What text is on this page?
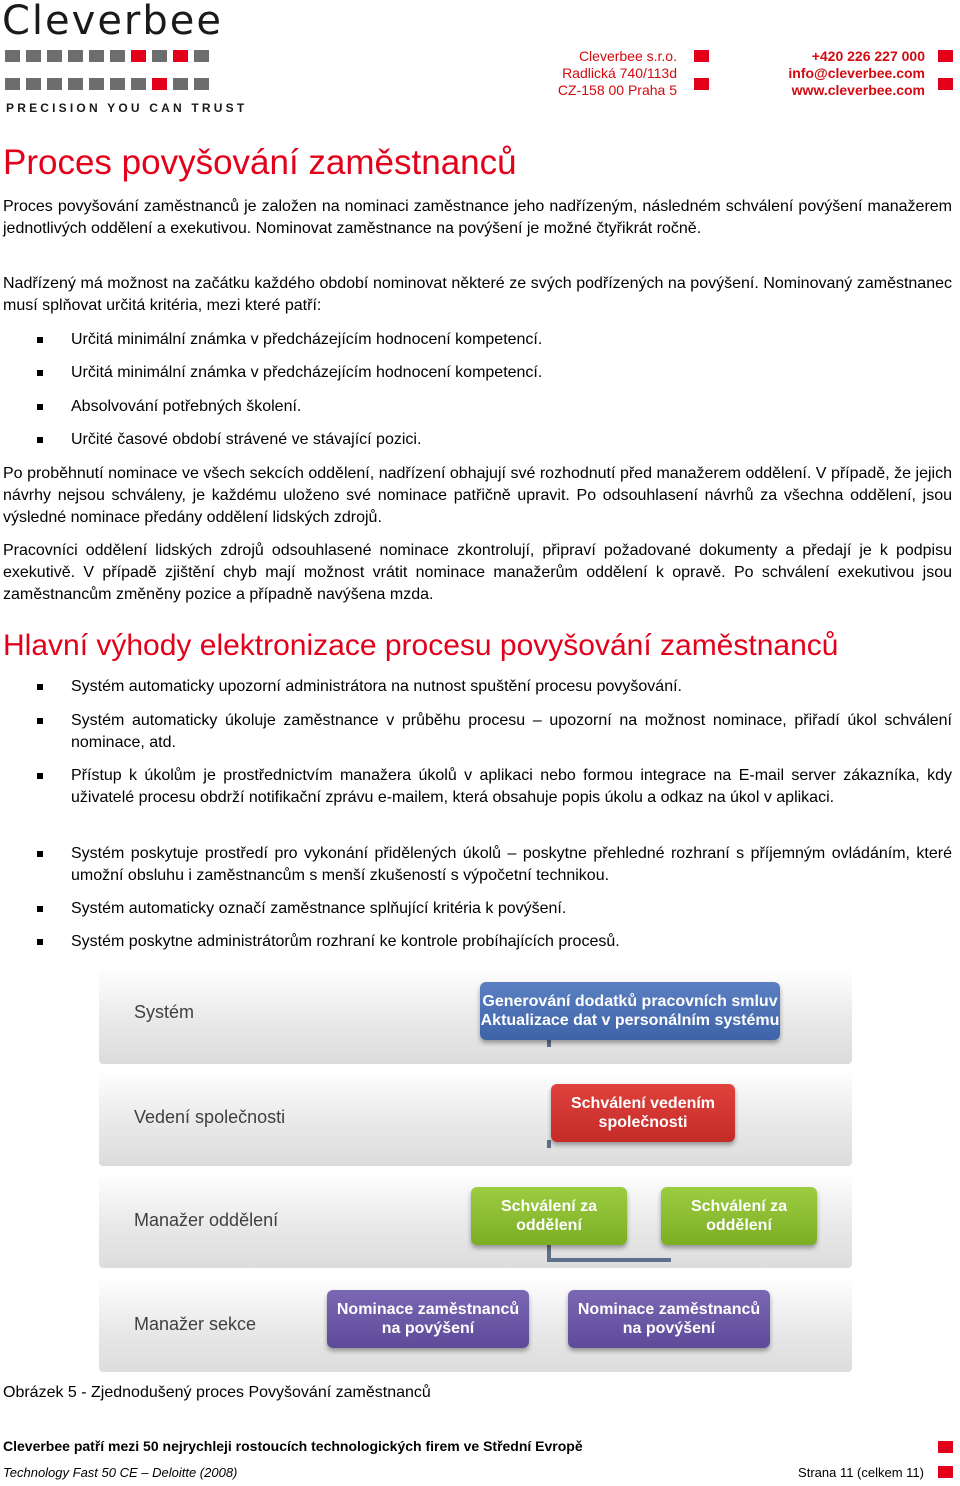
Cleverbee
PRECISION YOU CAN TRUST
Cleverbee s.r.o.
Radlická 740/113d
CZ-158 00 Praha 5
+420 226 227 000
info@cleverbee.com
www.cleverbee.com
Proces povyšování zaměstnanců

Proces povyšování zaměstnanců je založen na nominaci zaměstnance jeho nadřízeným, následném schválení povýšení manažerem jednotlivých oddělení a exekutivou. Nominovat zaměstnance na povýšení je možné čtyřikrát ročně.

Nadřízený má možnost na začátku každého období nominovat některé ze svých podřízených na povýšení. Nominovaný zaměstnanec musí splňovat určitá kritéria, mezi které patří:

Určitá minimální známka v předcházejícím hodnocení kompetencí.
Určitá minimální známka v předcházejícím hodnocení kompetencí.
Absolvování potřebných školení.
Určité časové období strávené ve stávající pozici.

Po proběhnutí nominace ve všech sekcích oddělení, nadřízení obhajují své rozhodnutí před manažerem oddělení. V případě, že jejich návrhy nejsou schváleny, je každému uloženo své nominace patřičně upravit. Po odsouhlasení návrhů za všechna oddělení, jsou výsledné nominace předány oddělení lidských zdrojů.

Pracovníci oddělení lidských zdrojů odsouhlasené nominace zkontrolují, připraví požadované dokumenty a předají je k podpisu exekutivě. V případě zjištění chyb mají možnost vrátit nominace manažerům oddělení k opravě. Po schválení exekutivou jsou zaměstnancům změněny pozice a případně navýšena mzda.

Hlavní výhody elektronizace procesu povyšování zaměstnanců
Systém automaticky upozorní administrátora na nutnost spuštění procesu povyšování.
Systém automaticky úkoluje zaměstnance v průběhu procesu – upozorní na možnost nominace, přiřadí úkol schválení nominace, atd.
Přístup k úkolům je prostřednictvím manažera úkolů v aplikaci nebo formou integrace na E-mail server zákazníka, kdy uživatelé procesu obdrží notifikační zprávu e-mailem, která obsahuje popis úkolu a odkaz na úkol v aplikaci.
Systém poskytuje prostředí pro vykonání přidělených úkolů – poskytne přehledné rozhraní s příjemným ovládáním, které umožní obsluhu i zaměstnancům s menší zkušeností s výpočetní technikou.
Systém automaticky označí zaměstnance splňující kritéria k povýšení.
Systém poskytne administrátorům rozhraní ke kontrole probíhajících procesů.
Systém
Vedení společnosti
Manažer oddělení
Manažer sekce
Generování dodatků pracovních smluv
Aktualizace dat v personálním systému
Schválení vedením
společnosti
Schválení za
oddělení
Schválení za
oddělení
Nominace zaměstnanců
na povýšení
Nominace zaměstnanců
na povýšení
Obrázek 5 - Zjednodušený proces Povyšování zaměstnanců
Cleverbee patří mezi 50 nejrychleji rostoucích technologických firem ve Střední Evropě
Technology Fast 50 CE – Deloitte (2008)	Strana 11 (celkem 11)
